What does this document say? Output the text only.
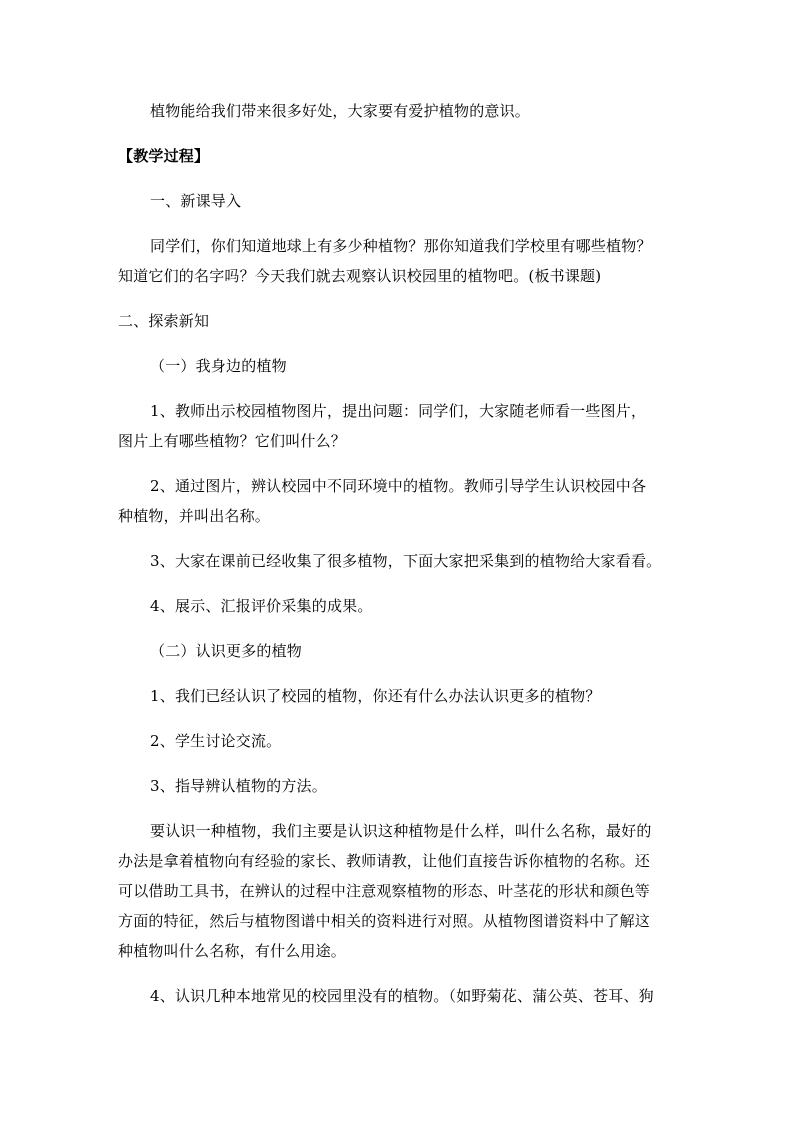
植物能给我们带来很多好处，大家要有爱护植物的意识。
【教学过程】
一、新课导入
同学们，你们知道地球上有多少种植物？那你知道我们学校里有哪些植物？
知道它们的名字吗？今天我们就去观察认识校园里的植物吧。(板书课题)
二、探索新知
（一）我身边的植物
1、教师出示校园植物图片，提出问题：同学们，大家随老师看一些图片，
图片上有哪些植物？它们叫什么？
2、通过图片，辨认校园中不同环境中的植物。教师引导学生认识校园中各
种植物，并叫出名称。
3、大家在课前已经收集了很多植物，下面大家把采集到的植物给大家看看。
4、展示、汇报评价采集的成果。
（二）认识更多的植物
1、我们已经认识了校园的植物，你还有什么办法认识更多的植物？
2、学生讨论交流。
3、指导辨认植物的方法。
要认识一种植物，我们主要是认识这种植物是什么样，叫什么名称，最好的
办法是拿着植物向有经验的家长、教师请教，让他们直接告诉你植物的名称。还
可以借助工具书，在辨认的过程中注意观察植物的形态、叶茎花的形状和颜色等
方面的特征，然后与植物图谱中相关的资料进行对照。从植物图谱资料中了解这
种植物叫什么名称，有什么用途。
4、认识几种本地常见的校园里没有的植物。（如野菊花、蒲公英、苍耳、狗
